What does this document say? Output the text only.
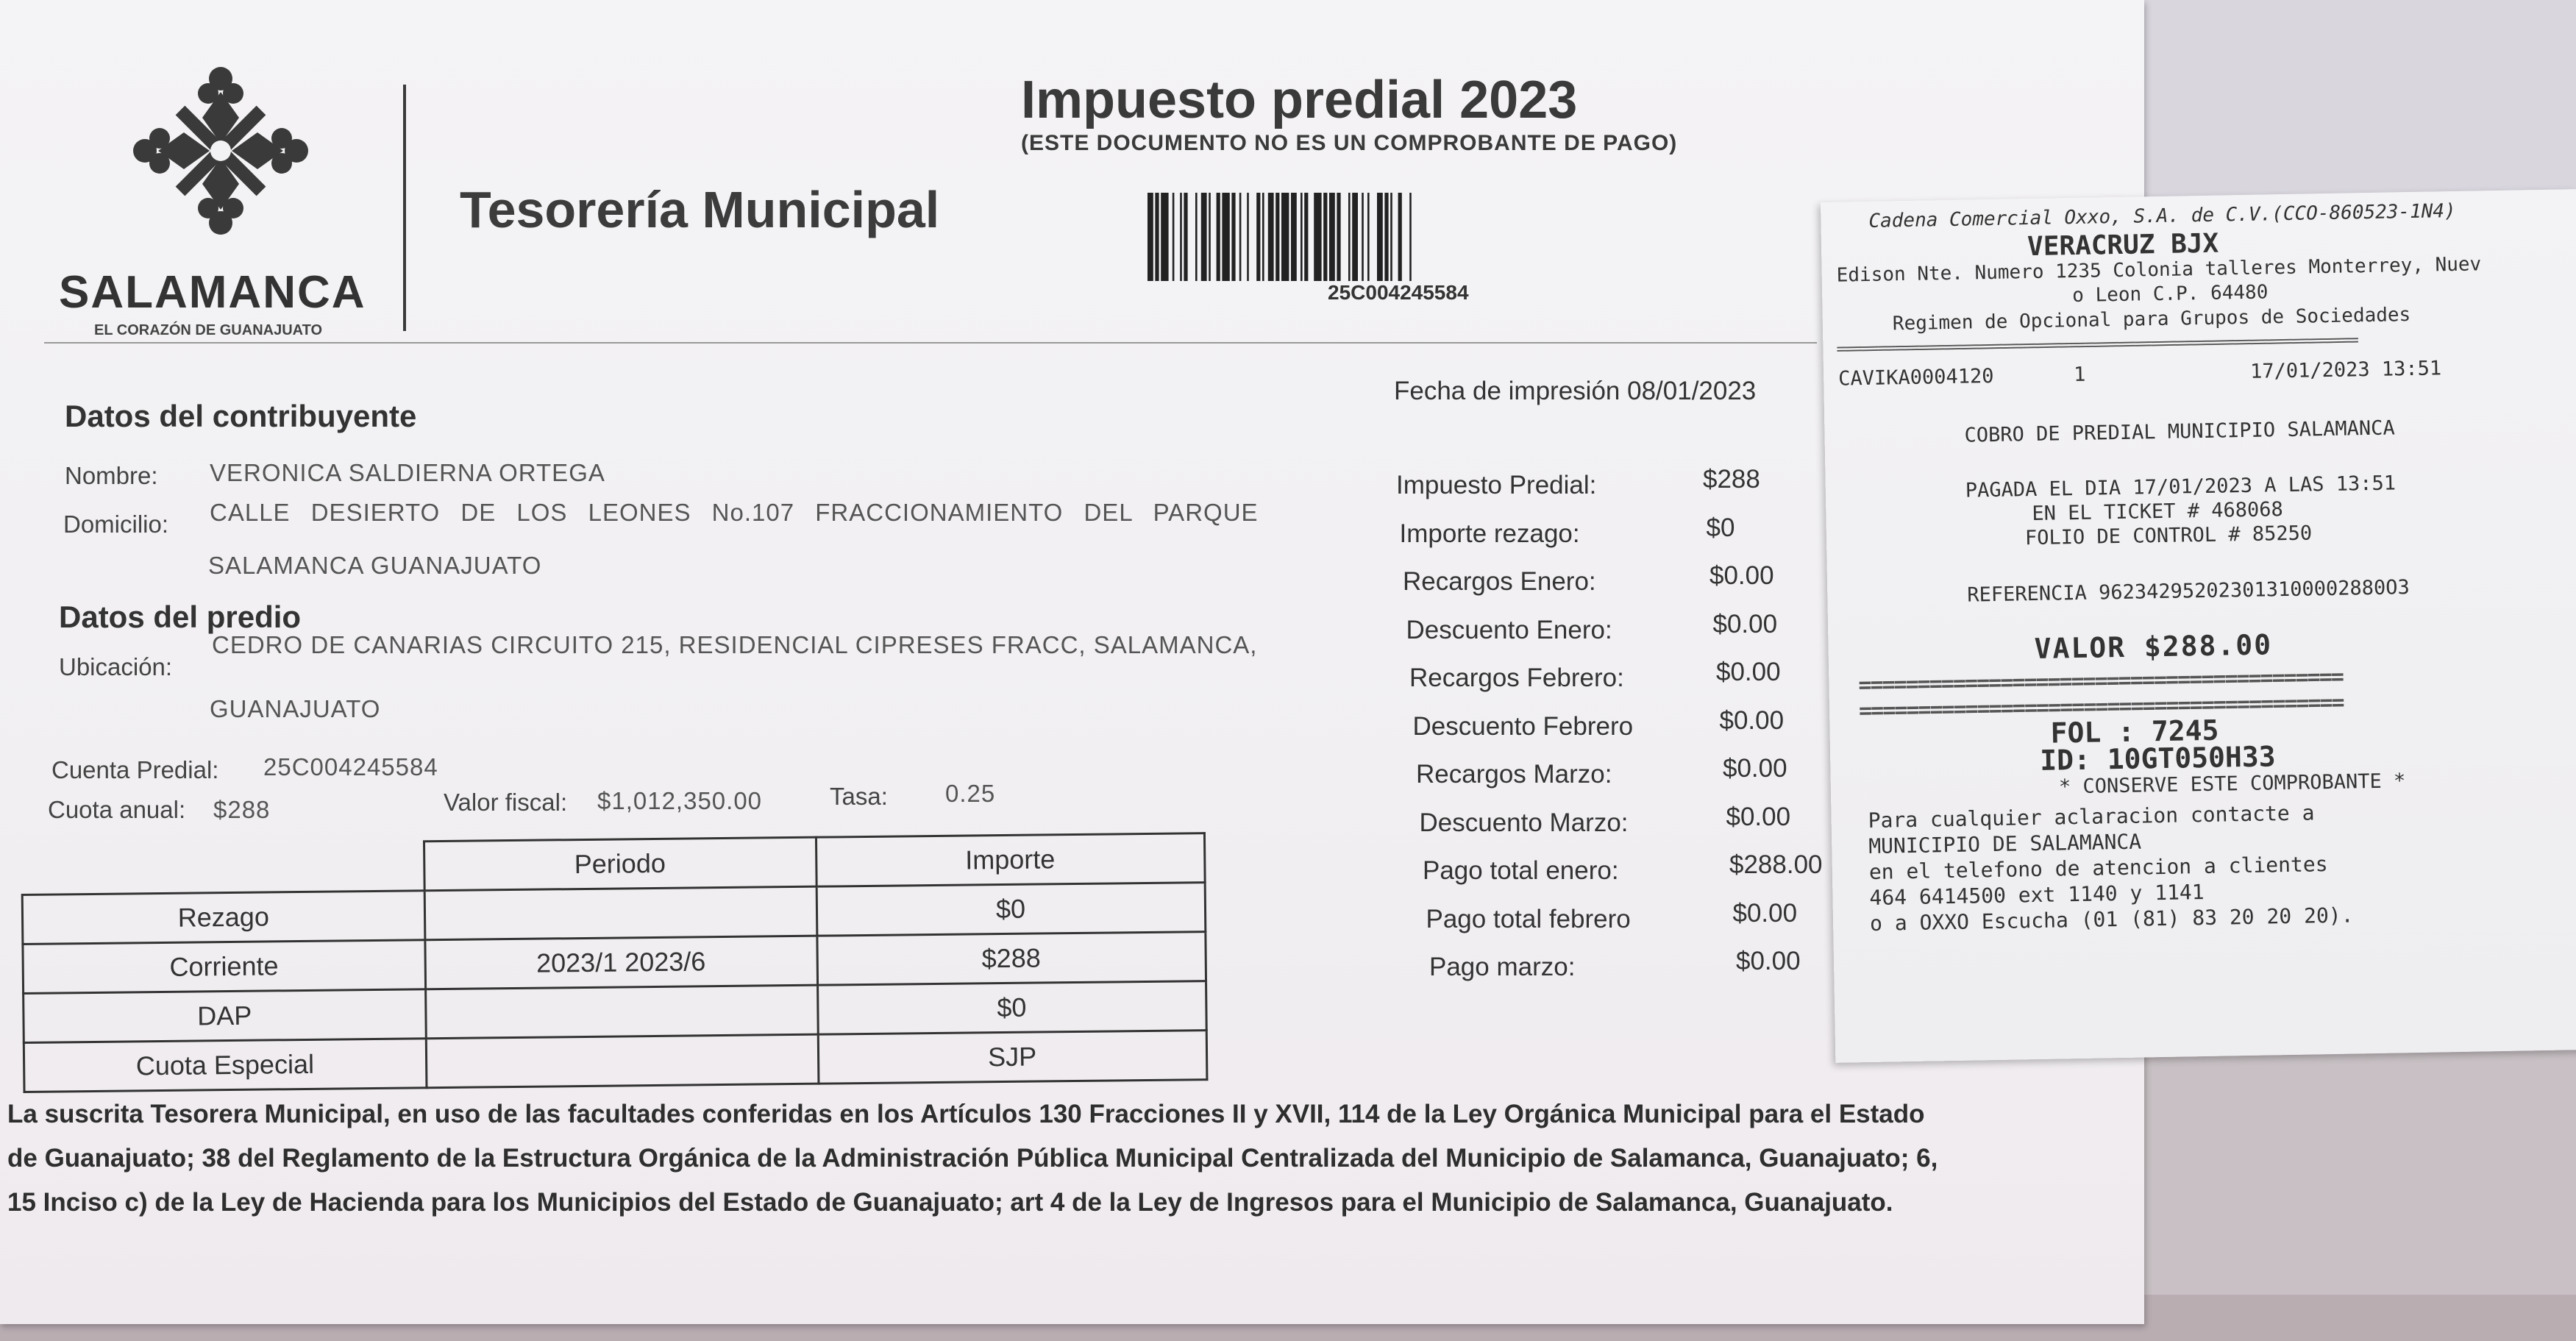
SALAMANCA
EL CORAZÓN DE GUANAJUATO
Tesorería Municipal
Impuesto predial 2023
(ESTE DOCUMENTO NO ES UN COMPROBANTE DE PAGO)
25C004245584
Datos del contribuyente
Nombre: VERONICA SALDIERNA ORTEGA
Domicilio: CALLE DESIERTO DE LOS LEONES No.107 FRACCIONAMIENTO DEL PARQUE
SALAMANCA GUANAJUATO
Datos del predio
Ubicación:
CEDRO DE CANARIAS CIRCUITO 215, RESIDENCIAL CIPRESES FRACC, SALAMANCA,
GUANAJUATO
Cuenta Predial: 25C004245584
Cuota anual: $288	Valor fiscal: $1,012,350.00	Tasa: 0.25
	Periodo	Importe
Rezago		$0
Corriente	2023/1 2023/6	$288
DAP		$0
Cuota Especial		SJP
Fecha de impresión 08/01/2023
Impuesto Predial:	$288
Importe rezago:	$0
Recargos Enero:	$0.00
Descuento Enero:	$0.00
Recargos Febrero:	$0.00
Descuento Febrero	$0.00
Recargos Marzo:	$0.00
Descuento Marzo:	$0.00
Pago total enero:	$288.00
Pago total febrero	$0.00
Pago marzo:	$0.00
La suscrita Tesorera Municipal, en uso de las facultades conferidas en los Artículos 130 Fracciones II y XVII, 114 de la Ley Orgánica Municipal para el Estado de Guanajuato; 38 del Reglamento de la Estructura Orgánica de la Administración Pública Municipal Centralizada del Municipio de Salamanca, Guanajuato; 6, 15 Inciso c) de la Ley de Hacienda para los Municipios del Estado de Guanajuato; art 4 de la Ley de Ingresos para el Municipio de Salamanca, Guanajuato.
Cadena Comercial Oxxo, S.A. de C.V.(CCO-860523-1N4)
VERACRUZ BJX
Edison Nte. Numero 1235 Colonia talleres Monterrey, Nuev
o Leon C.P. 64480
Regimen de Opcional para Grupos de Sociedades
===============================================================
CAVIKA0004120	1	17/01/2023 13:51
COBRO DE PREDIAL MUNICIPIO SALAMANCA
PAGADA EL DIA 17/01/2023 A LAS 13:51
EN EL TICKET # 468068
FOLIO DE CONTROL # 85250
REFERENCIA 962342952023013100002880O3
VALOR $288.00
=========================================
=========================================
FOL : 7245
ID: 10GT050H33
* CONSERVE ESTE COMPROBANTE *
Para cualquier aclaracion contacte a
MUNICIPIO DE SALAMANCA
en el telefono de atencion a clientes
464 6414500 ext 1140 y 1141
o a OXXO Escucha (01 (81) 83 20 20 20).
